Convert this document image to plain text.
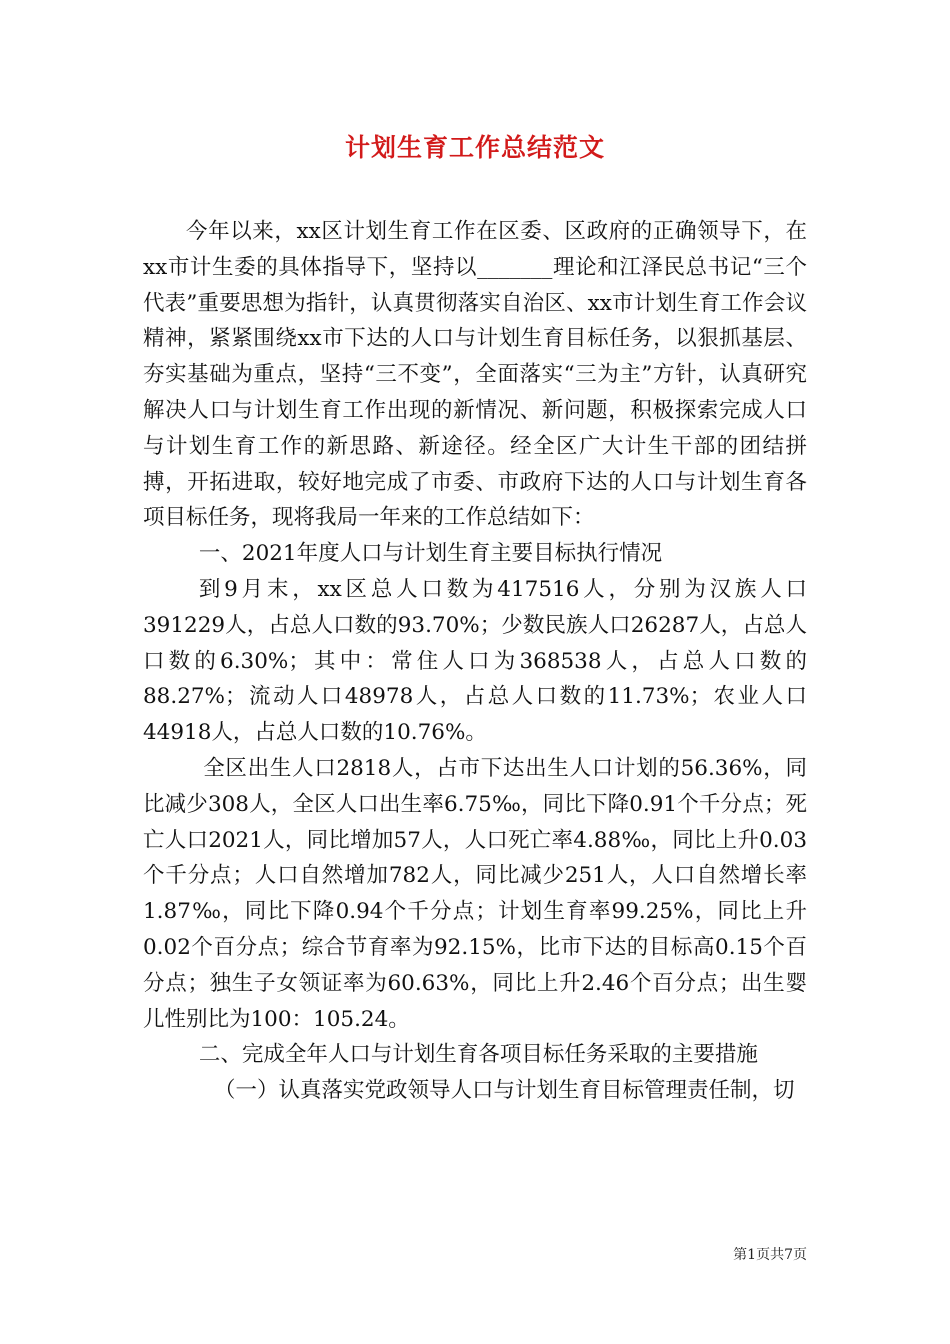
计划生育工作总结范文

今年以来，xx区计划生育工作在区委、区政府的正确领导下，在xx市计生委的具体指导下，坚持以_______理论和江泽民总书记“三个代表”重要思想为指针，认真贯彻落实自治区、xx市计划生育工作会议精神，紧紧围绕xx市下达的人口与计划生育目标任务，以狠抓基层、夯实基础为重点，坚持“三不变”，全面落实“三为主”方针，认真研究解决人口与计划生育工作出现的新情况、新问题，积极探索完成人口与计划生育工作的新思路、新途径。经全区广大计生干部的团结拼搏，开拓进取，较好地完成了市委、市政府下达的人口与计划生育各项目标任务，现将我局一年来的工作总结如下：

一、2021年度人口与计划生育主要目标执行情况

到9月末，xx区总人口数为417516人，分别为汉族人口391229人，占总人口数的93.70%；少数民族人口26287人，占总人口数的6.30%；其中：常住人口为368538人，占总人口数的88.27%；流动人口48978人，占总人口数的11.73%；农业人口44918人，占总人口数的10.76%。

全区出生人口2818人，占市下达出生人口计划的56.36%，同比减少308人，全区人口出生率6.75‰，同比下降0.91个千分点；死亡人口2021人，同比增加57人，人口死亡率4.88‰，同比上升0.03个千分点；人口自然增加782人，同比减少251人，人口自然增长率1.87‰，同比下降0.94个千分点；计划生育率99.25%，同比上升0.02个百分点；综合节育率为92.15%，比市下达的目标高0.15个百分点；独生子女领证率为60.63%，同比上升2.46个百分点；出生婴儿性别比为100：105.24。

二、完成全年人口与计划生育各项目标任务采取的主要措施

（一）认真落实党政领导人口与计划生育目标管理责任制，切

第1页共7页
